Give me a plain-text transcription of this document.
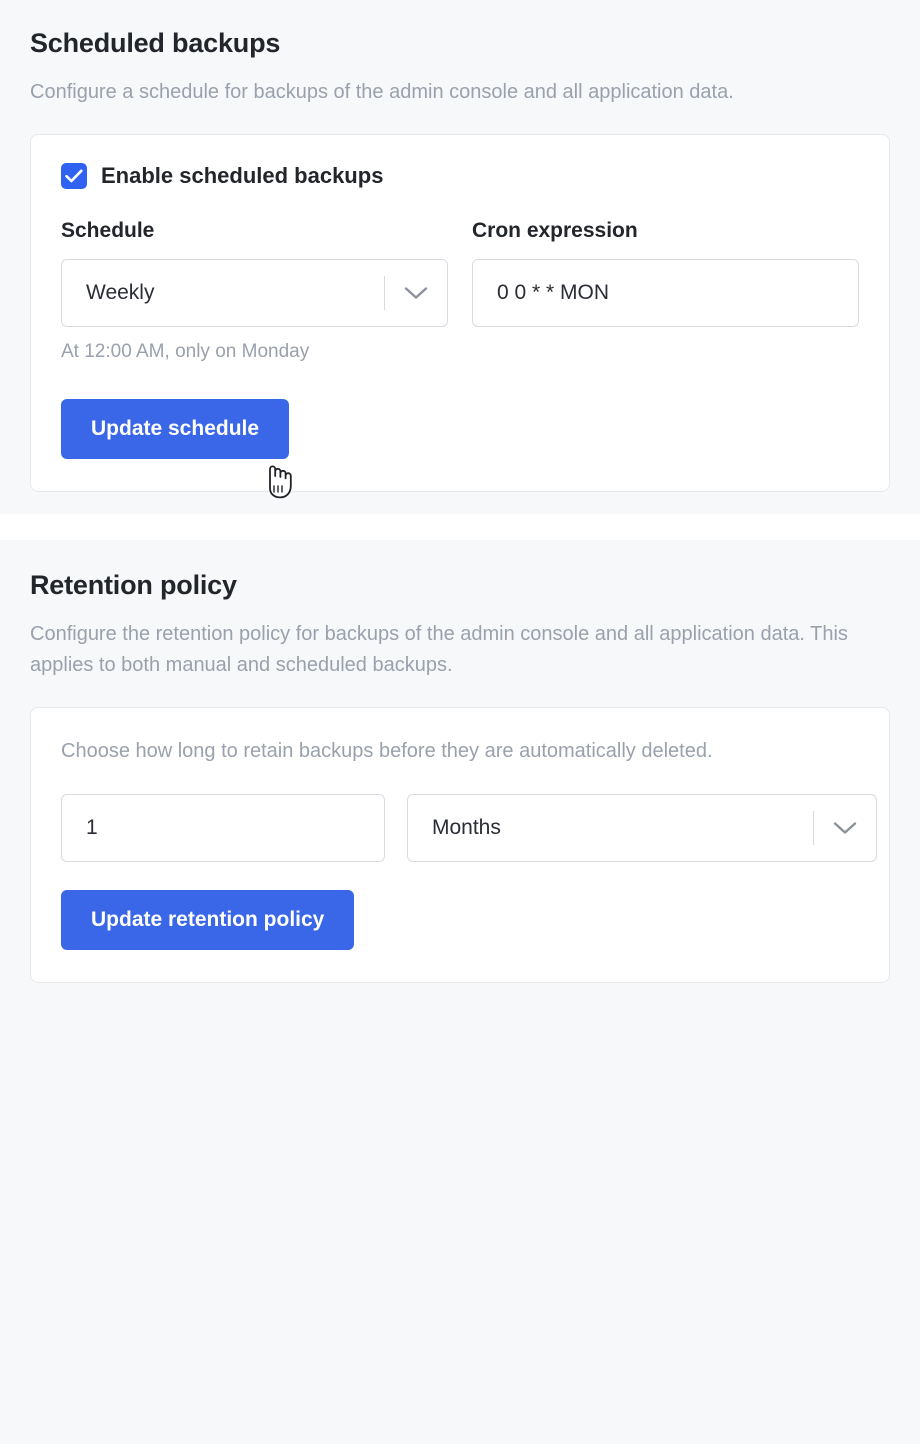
Scheduled backups

Configure a schedule for backups of the admin console and all application data.

Enable scheduled backups
Schedule
Weekly
At 12:00 AM, only on Monday
Cron expression
0 0 * * MON
Update schedule
Retention policy

Configure the retention policy for backups of the admin console and all application data. This applies to both manual and scheduled backups.

Choose how long to retain backups before they are automatically deleted.

1	Months
Update retention policy
